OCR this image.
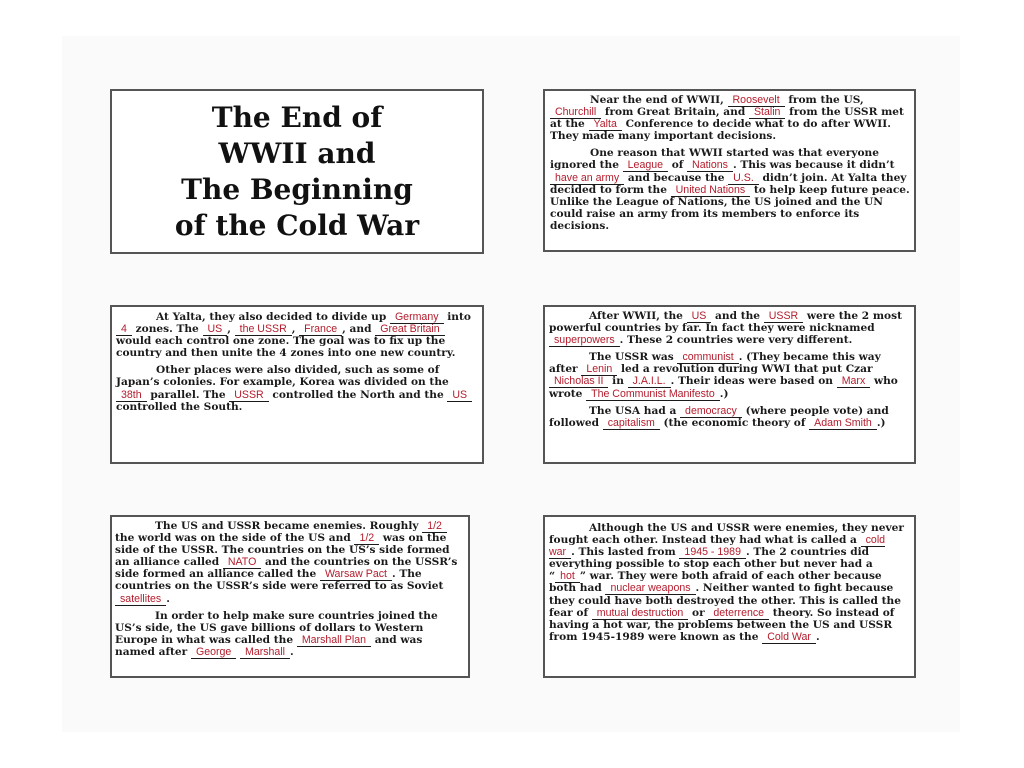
The End of
WWII and
The Beginning
of the Cold War

Near the end of WWII, Roosevelt from the US, Churchill from Great Britain, and Stalin from the USSR met at the Yalta Conference to decide what to do after WWII. They made many important decisions.

One reason that WWII started was that everyone ignored the League of Nations . This was because it didn’t have an army and because the U.S. didn’t join. At Yalta they decided to form the United Nations to help keep future peace. Unlike the League of Nations, the US joined and the UN could raise an army from its members to enforce its decisions.

At Yalta, they also decided to divide up Germany into 4 zones. The US , the USSR , France , and Great Britain would each control one zone. The goal was to fix up the country and then unite the 4 zones into one new country.

Other places were also divided, such as some of Japan’s colonies. For example, Korea was divided on the 38th parallel. The USSR controlled the North and the US controlled the South.

After WWII, the US and the USSR were the 2 most powerful countries by far. In fact they were nicknamed superpowers . These 2 countries were very different.

The USSR was communist . (They became this way after Lenin led a revolution during WWI that put Czar Nicholas II in J.A.I.L. . Their ideas were based on Marx who wrote The Communist Manifesto .)

The USA had a democracy (where people vote) and followed capitalism (the economic theory of Adam Smith .)

The US and USSR became enemies. Roughly 1/2 the world was on the side of the US and 1/2 was on the side of the USSR. The countries on the US’s side formed an alliance called NATO and the countries on the USSR’s side formed an alliance called the Warsaw Pact . The countries on the USSR’s side were referred to as Soviet satellites .

In order to help make sure countries joined the US’s side, the US gave billions of dollars to Western Europe in what was called the Marshall Plan and was named after George Marshall .

Although the US and USSR were enemies, they never fought each other. Instead they had what is called a cold war . This lasted from 1945 - 1989 . The 2 countries did everything possible to stop each other but never had a “ hot ” war. They were both afraid of each other because both had nuclear weapons . Neither wanted to fight because they could have both destroyed the other. This is called the fear of mutual destruction or deterrence theory. So instead of having a hot war, the problems between the US and USSR from 1945-1989 were known as the Cold War .
